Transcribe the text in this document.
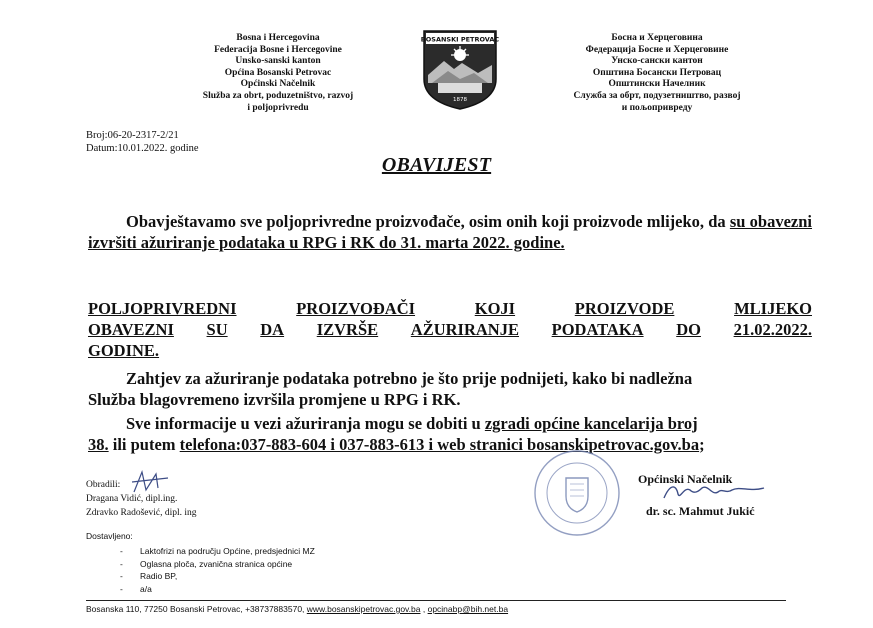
Bosna i Hercegovina
Federacija Bosne i Hercegovine
Unsko-sanski kanton
Općina Bosanski Petrovac
Općinski Načelnik
Služba za obrt, poduzetništvo, razvoj
i poljoprivredu
BOSANSKI PETROVAC
1878
Босна и Херцеговина
Федерација Босне и Херцеговине
Унско-сански кантон
Општина Босански Петровац
Општински Начелник
Служба за обрт, подузетништво, развој
и пољопривреду
Broj:06-20-2317-2/21
Datum:10.01.2022. godine
OBAVIJEST
Obavještavamo sve poljoprivredne proizvođače, osim onih koji proizvode mlijeko, da su obavezni izvršiti ažuriranje podataka u RPG i RK do 31. marta 2022. godine.
POLJOPRIVREDNI	PROIZVOĐAČI	KOJI	PROIZVODE	MLIJEKO
OBAVEZNI SU DA IZVRŠE AŽURIRANJE PODATAKA DO 21.02.2022.
GODINE.
Zahtjev za ažuriranje podataka potrebno je što prije podnijeti, kako bi nadležna
Služba blagovremeno izvršila promjene u RPG i RK.
Sve informacije u vezi ažuriranja mogu se dobiti u zgradi općine kancelarija broj
38. ili putem telefona:037-883-604 i 037-883-613 i web stranici bosanskipetrovac.gov.ba;
Općinski Načelnik
dr. sc. Mahmut Jukić
Obradili:
Dragana Vidić, dipl.ing.
Zdravko Radošević, dipl. ing
Dostavljeno:
- Laktofrizi na području Općine, predsjednici MZ
- Oglasna ploča, zvanična stranica općine
- Radio BP,
- a/a
Bosanska 110, 77250 Bosanski Petrovac, +38737883570, www.bosanskipetrovac.gov.ba , opcinabp@bih.net.ba
